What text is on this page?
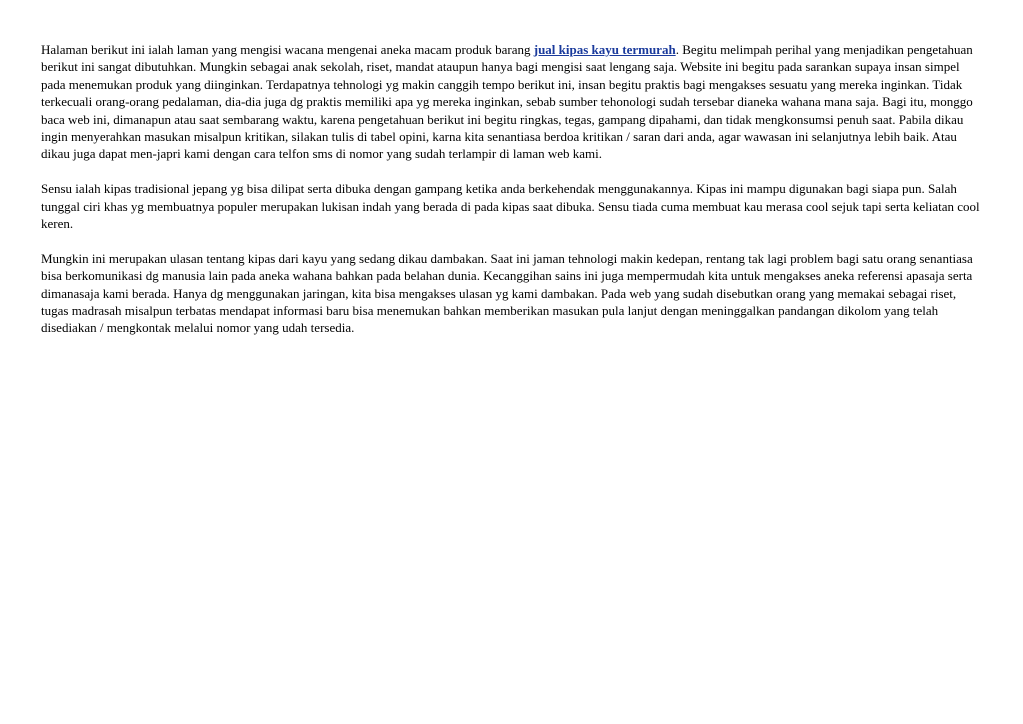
Halaman berikut ini ialah laman yang mengisi wacana mengenai aneka macam produk barang jual kipas kayu termurah. Begitu melimpah perihal yang menjadikan pengetahuan berikut ini sangat dibutuhkan. Mungkin sebagai anak sekolah, riset, mandat ataupun hanya bagi mengisi saat lengang saja. Website ini begitu pada sarankan supaya insan simpel pada menemukan produk yang diinginkan. Terdapatnya tehnologi yg makin canggih tempo berikut ini, insan begitu praktis bagi mengakses sesuatu yang mereka inginkan. Tidak terkecuali orang-orang pedalaman, dia-dia juga dg praktis memiliki apa yg mereka inginkan, sebab sumber tehonologi sudah tersebar dianeka wahana mana saja. Bagi itu, monggo baca web ini, dimanapun atau saat sembarang waktu, karena pengetahuan berikut ini begitu ringkas, tegas, gampang dipahami, dan tidak mengkonsumsi penuh saat. Pabila dikau ingin menyerahkan masukan misalpun kritikan, silakan tulis di tabel opini, karna kita senantiasa berdoa kritikan / saran dari anda, agar wawasan ini selanjutnya lebih baik. Atau dikau juga dapat men-japri kami dengan cara telfon sms di nomor yang sudah terlampir di laman web kami.

Sensu ialah kipas tradisional jepang yg bisa dilipat serta dibuka dengan gampang ketika anda berkehendak menggunakannya. Kipas ini mampu digunakan bagi siapa pun. Salah tunggal ciri khas yg membuatnya populer merupakan lukisan indah yang berada di pada kipas saat dibuka. Sensu tiada cuma membuat kau merasa cool sejuk tapi serta keliatan cool keren.

Mungkin ini merupakan ulasan tentang kipas dari kayu yang sedang dikau dambakan. Saat ini jaman tehnologi makin kedepan, rentang tak lagi problem bagi satu orang senantiasa bisa berkomunikasi dg manusia lain pada aneka wahana bahkan pada belahan dunia. Kecanggihan sains ini juga mempermudah kita untuk mengakses aneka referensi apasaja serta dimanasaja kami berada. Hanya dg menggunakan jaringan, kita bisa mengakses ulasan yg kami dambakan. Pada web yang sudah disebutkan orang yang memakai sebagai riset, tugas madrasah misalpun terbatas mendapat informasi baru bisa menemukan bahkan memberikan masukan pula lanjut dengan meninggalkan pandangan dikolom yang telah disediakan / mengkontak melalui nomor yang udah tersedia.
